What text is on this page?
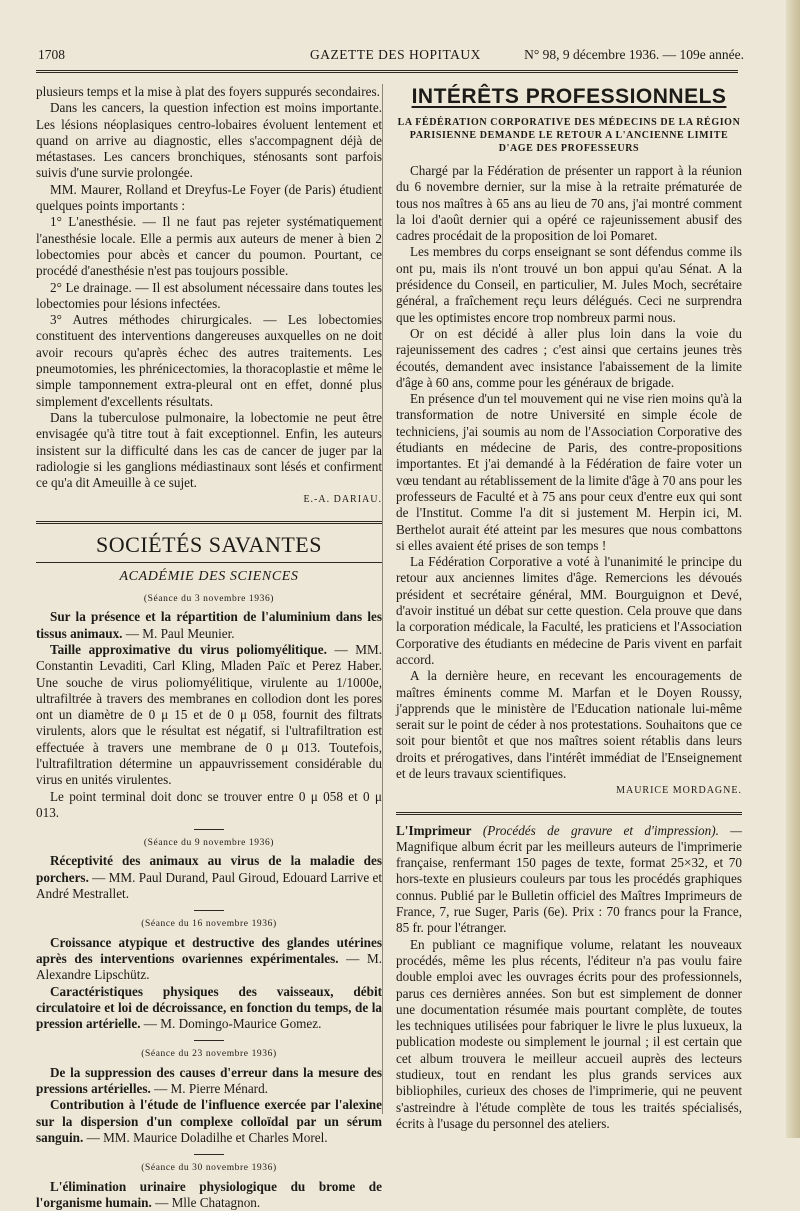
1708	GAZETTE DES HOPITAUX	N° 98, 9 décembre 1936. — 109e année.

plusieurs temps et la mise à plat des foyers suppurés secondaires.

Dans les cancers, la question infection est moins importante. Les lésions néoplasiques centro-lobaires évoluent lentement et quand on arrive au diagnostic, elles s'accompagnent déjà de métastases. Les cancers bronchiques, sténosants sont parfois suivis d'une survie prolongée.

MM. Maurer, Rolland et Dreyfus-Le Foyer (de Paris) étudient quelques points importants :

1° L'anesthésie. — Il ne faut pas rejeter systématiquement l'anesthésie locale. Elle a permis aux auteurs de mener à bien 2 lobectomies pour abcès et cancer du poumon. Pourtant, ce procédé d'anesthésie n'est pas toujours possible.

2° Le drainage. — Il est absolument nécessaire dans toutes les lobectomies pour lésions infectées.

3° Autres méthodes chirurgicales. — Les lobectomies constituent des interventions dangereuses auxquelles on ne doit avoir recours qu'après échec des autres traitements. Les pneumotomies, les phrénicectomies, la thoracoplastie et même le simple tamponnement extra-pleural ont en effet, donné plus simplement d'excellents résultats.

Dans la tuberculose pulmonaire, la lobectomie ne peut être envisagée qu'à titre tout à fait exceptionnel. Enfin, les auteurs insistent sur la difficulté dans les cas de cancer de juger par la radiologie si les ganglions médiastinaux sont lésés et confirment ce qu'a dit Ameuille à ce sujet.

E.-A. DARIAU.
SOCIÉTÉS SAVANTES
ACADÉMIE DES SCIENCES
(Séance du 3 novembre 1936)

Sur la présence et la répartition de l'aluminium dans les tissus animaux. — M. Paul Meunier.

Taille approximative du virus poliomyélitique. — MM. Constantin Levaditi, Carl Kling, Mladen Païc et Perez Haber. Une souche de virus poliomyélitique, virulente au 1/1000e, ultrafiltrée à travers des membranes en collodion dont les pores ont un diamètre de 0 μ 15 et de 0 μ 058, fournit des filtrats virulents, alors que le résultat est négatif, si l'ultrafiltration est effectuée à travers une membrane de 0 μ 013. Toutefois, l'ultrafiltration détermine un appauvrissement considérable du virus en unités virulentes.

Le point terminal doit donc se trouver entre 0 μ 058 et 0 μ 013.

(Séance du 9 novembre 1936)

Réceptivité des animaux au virus de la maladie des porchers. — MM. Paul Durand, Paul Giroud, Edouard Larrive et André Mestrallet.

(Séance du 16 novembre 1936)

Croissance atypique et destructive des glandes utérines après des interventions ovariennes expérimentales. — M. Alexandre Lipschütz.

Caractéristiques physiques des vaisseaux, débit circulatoire et loi de décroissance, en fonction du temps, de la pression artérielle. — M. Domingo-Maurice Gomez.

(Séance du 23 novembre 1936)

De la suppression des causes d'erreur dans la mesure des pressions artérielles. — M. Pierre Ménard.

Contribution à l'étude de l'influence exercée par l'alexine sur la dispersion d'un complexe colloïdal par un sérum sanguin. — MM. Maurice Doladilhe et Charles Morel.

(Séance du 30 novembre 1936)

L'élimination urinaire physiologique du brome de l'organisme humain. — Mlle Chatagnon.

INTÉRÊTS PROFESSIONNELS
LA FÉDÉRATION CORPORATIVE DES MÉDECINS DE LA RÉGION PARISIENNE DEMANDE LE RETOUR A L'ANCIENNE LIMITE D'AGE DES PROFESSEURS

Chargé par la Fédération de présenter un rapport à la réunion du 6 novembre dernier, sur la mise à la retraite prématurée de tous nos maîtres à 65 ans au lieu de 70 ans, j'ai montré comment la loi d'août dernier qui a opéré ce rajeunissement abusif des cadres procédait de la proposition de loi Pomaret.

Les membres du corps enseignant se sont défendus comme ils ont pu, mais ils n'ont trouvé un bon appui qu'au Sénat. A la présidence du Conseil, en particulier, M. Jules Moch, secrétaire général, a fraîchement reçu leurs délégués. Ceci ne surprendra que les optimistes encore trop nombreux parmi nous.

Or on est décidé à aller plus loin dans la voie du rajeunissement des cadres ; c'est ainsi que certains jeunes très écoutés, demandent avec insistance l'abaissement de la limite d'âge à 60 ans, comme pour les généraux de brigade.

En présence d'un tel mouvement qui ne vise rien moins qu'à la transformation de notre Université en simple école de techniciens, j'ai soumis au nom de l'Association Corporative des étudiants en médecine de Paris, des contre-propositions importantes. Et j'ai demandé à la Fédération de faire voter un vœu tendant au rétablissement de la limite d'âge à 70 ans pour les professeurs de Faculté et à 75 ans pour ceux d'entre eux qui sont de l'Institut. Comme l'a dit si justement M. Herpin ici, M. Berthelot aurait été atteint par les mesures que nous combattons si elles avaient été prises de son temps !

La Fédération Corporative a voté à l'unanimité le principe du retour aux anciennes limites d'âge. Remercions les dévoués président et secrétaire général, MM. Bourguignon et Devé, d'avoir institué un débat sur cette question. Cela prouve que dans la corporation médicale, la Faculté, les praticiens et l'Association Corporative des étudiants en médecine de Paris vivent en parfait accord.

A la dernière heure, en recevant les encouragements de maîtres éminents comme M. Marfan et le Doyen Roussy, j'apprends que le ministère de l'Education nationale lui-même serait sur le point de céder à nos protestations. Souhaitons que ce soit pour bientôt et que nos maîtres soient rétablis dans leurs droits et prérogatives, dans l'intérêt immédiat de l'Enseignement et de leurs travaux scientifiques.

MAURICE MORDAGNE.

L'Imprimeur (Procédés de gravure et d'impression). — Magnifique album écrit par les meilleurs auteurs de l'imprimerie française, renfermant 150 pages de texte, format 25×32, et 70 hors-texte en plusieurs couleurs par tous les procédés graphiques connus. Publié par le Bulletin officiel des Maîtres Imprimeurs de France, 7, rue Suger, Paris (6e). Prix : 70 francs pour la France, 85 fr. pour l'étranger.

En publiant ce magnifique volume, relatant les nouveaux procédés, même les plus récents, l'éditeur n'a pas voulu faire double emploi avec les ouvrages écrits pour des professionnels, parus ces dernières années. Son but est simplement de donner une documentation résumée mais pourtant complète, de toutes les techniques utilisées pour fabriquer le livre le plus luxueux, la publication modeste ou simplement le journal ; il est certain que cet album trouvera le meilleur accueil auprès des lecteurs studieux, tout en rendant les plus grands services aux bibliophiles, curieux des choses de l'imprimerie, qui ne peuvent s'astreindre à l'étude complète de tous les traités spécialisés, écrits à l'usage du personnel des ateliers.
